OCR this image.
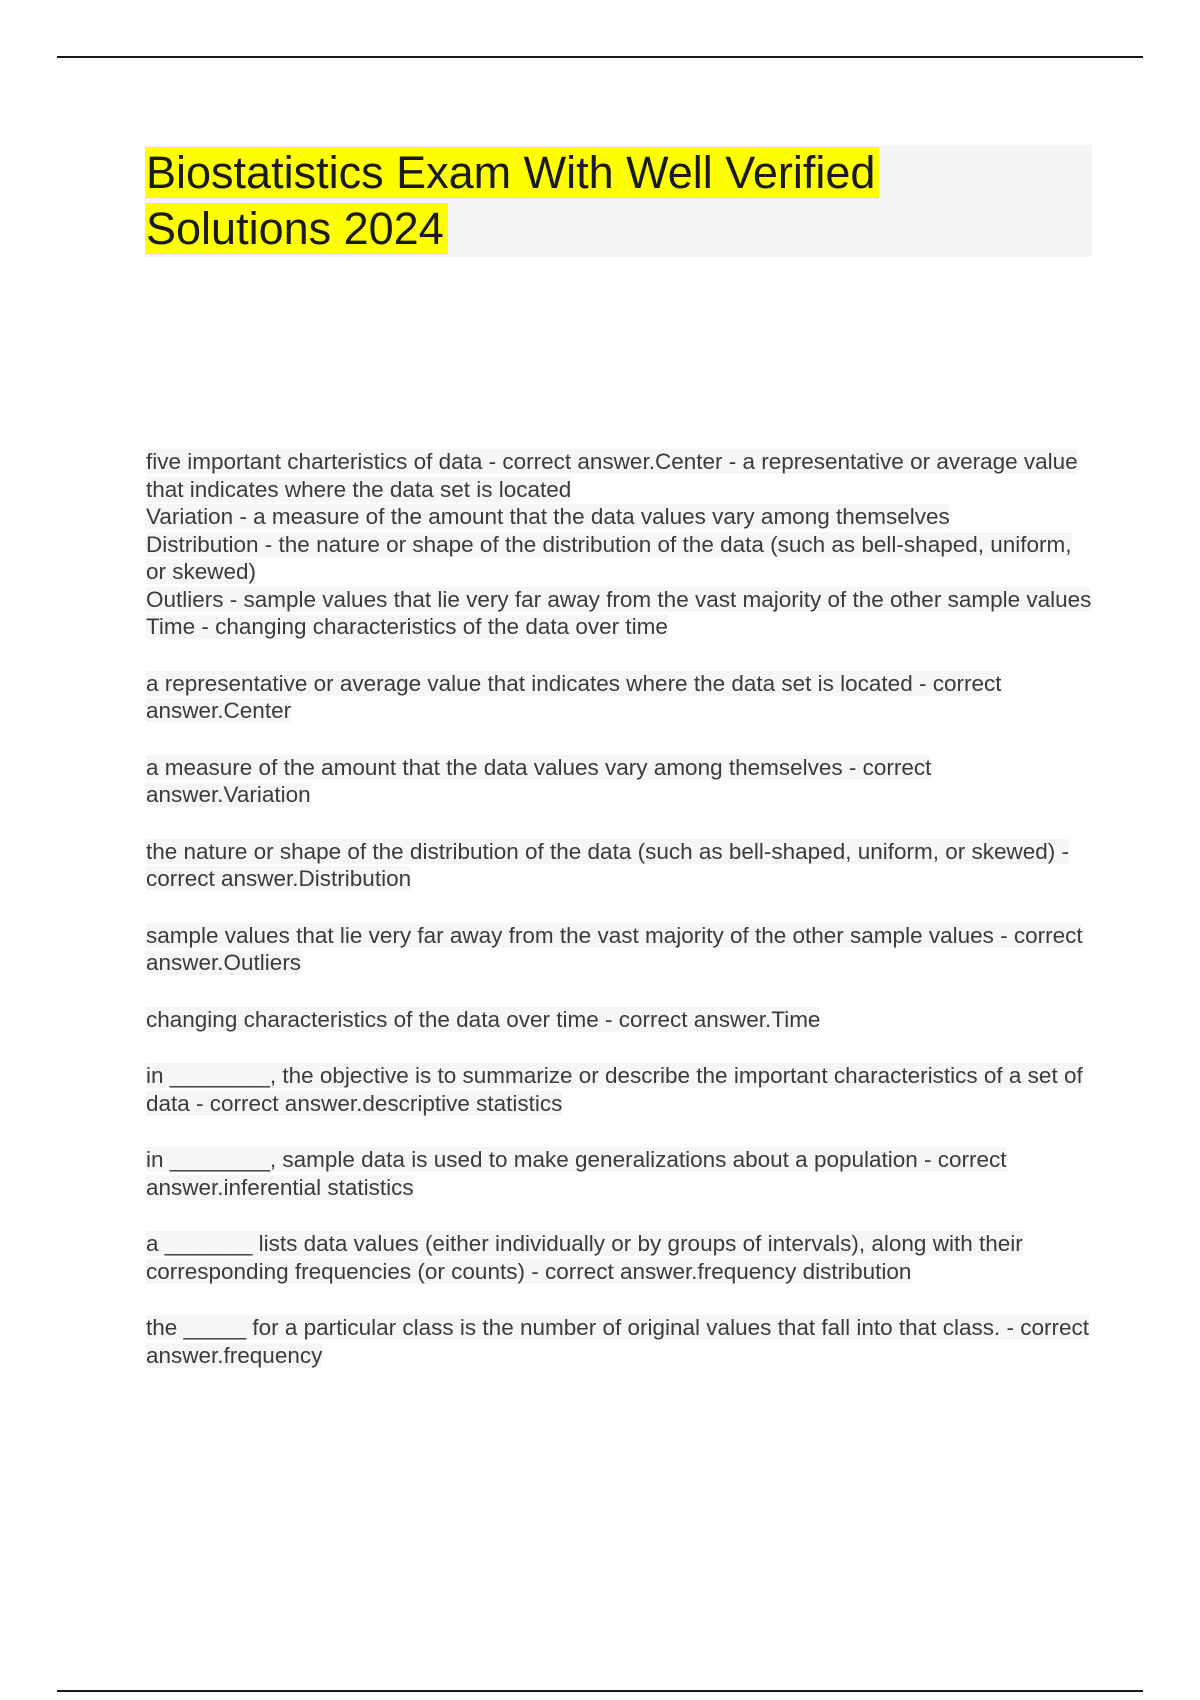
Biostatistics Exam With Well Verified
Solutions 2024

five important charteristics of data - correct answer.Center - a representative or average value that indicates where the data set is located
Variation - a measure of the amount that the data values vary among themselves
Distribution - the nature or shape of the distribution of the data (such as bell-shaped, uniform, or skewed)
Outliers - sample values that lie very far away from the vast majority of the other sample values
Time - changing characteristics of the data over time

a representative or average value that indicates where the data set is located - correct answer.Center

a measure of the amount that the data values vary among themselves - correct answer.Variation

the nature or shape of the distribution of the data (such as bell-shaped, uniform, or skewed) - correct answer.Distribution

sample values that lie very far away from the vast majority of the other sample values - correct answer.Outliers

changing characteristics of the data over time - correct answer.Time

in ________, the objective is to summarize or describe the important characteristics of a set of data - correct answer.descriptive statistics

in ________, sample data is used to make generalizations about a population - correct answer.inferential statistics

a _______ lists data values (either individually or by groups of intervals), along with their corresponding frequencies (or counts) - correct answer.frequency distribution

the _____ for a particular class is the number of original values that fall into that class. - correct answer.frequency
